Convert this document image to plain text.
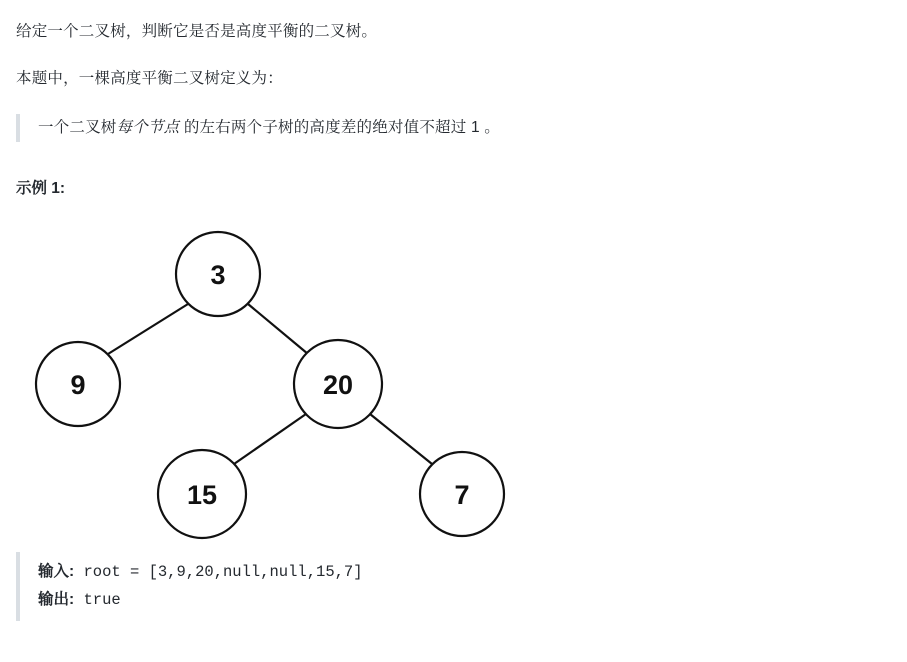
给定一个二叉树，判断它是否是高度平衡的二叉树。

本题中，一棵高度平衡二叉树定义为：

一个二叉树每个节点 的左右两个子树的高度差的绝对值不超过 1 。
示例 1:
3
9	20
15	7
输入: root = [3,9,20,null,null,15,7]
输出: true
